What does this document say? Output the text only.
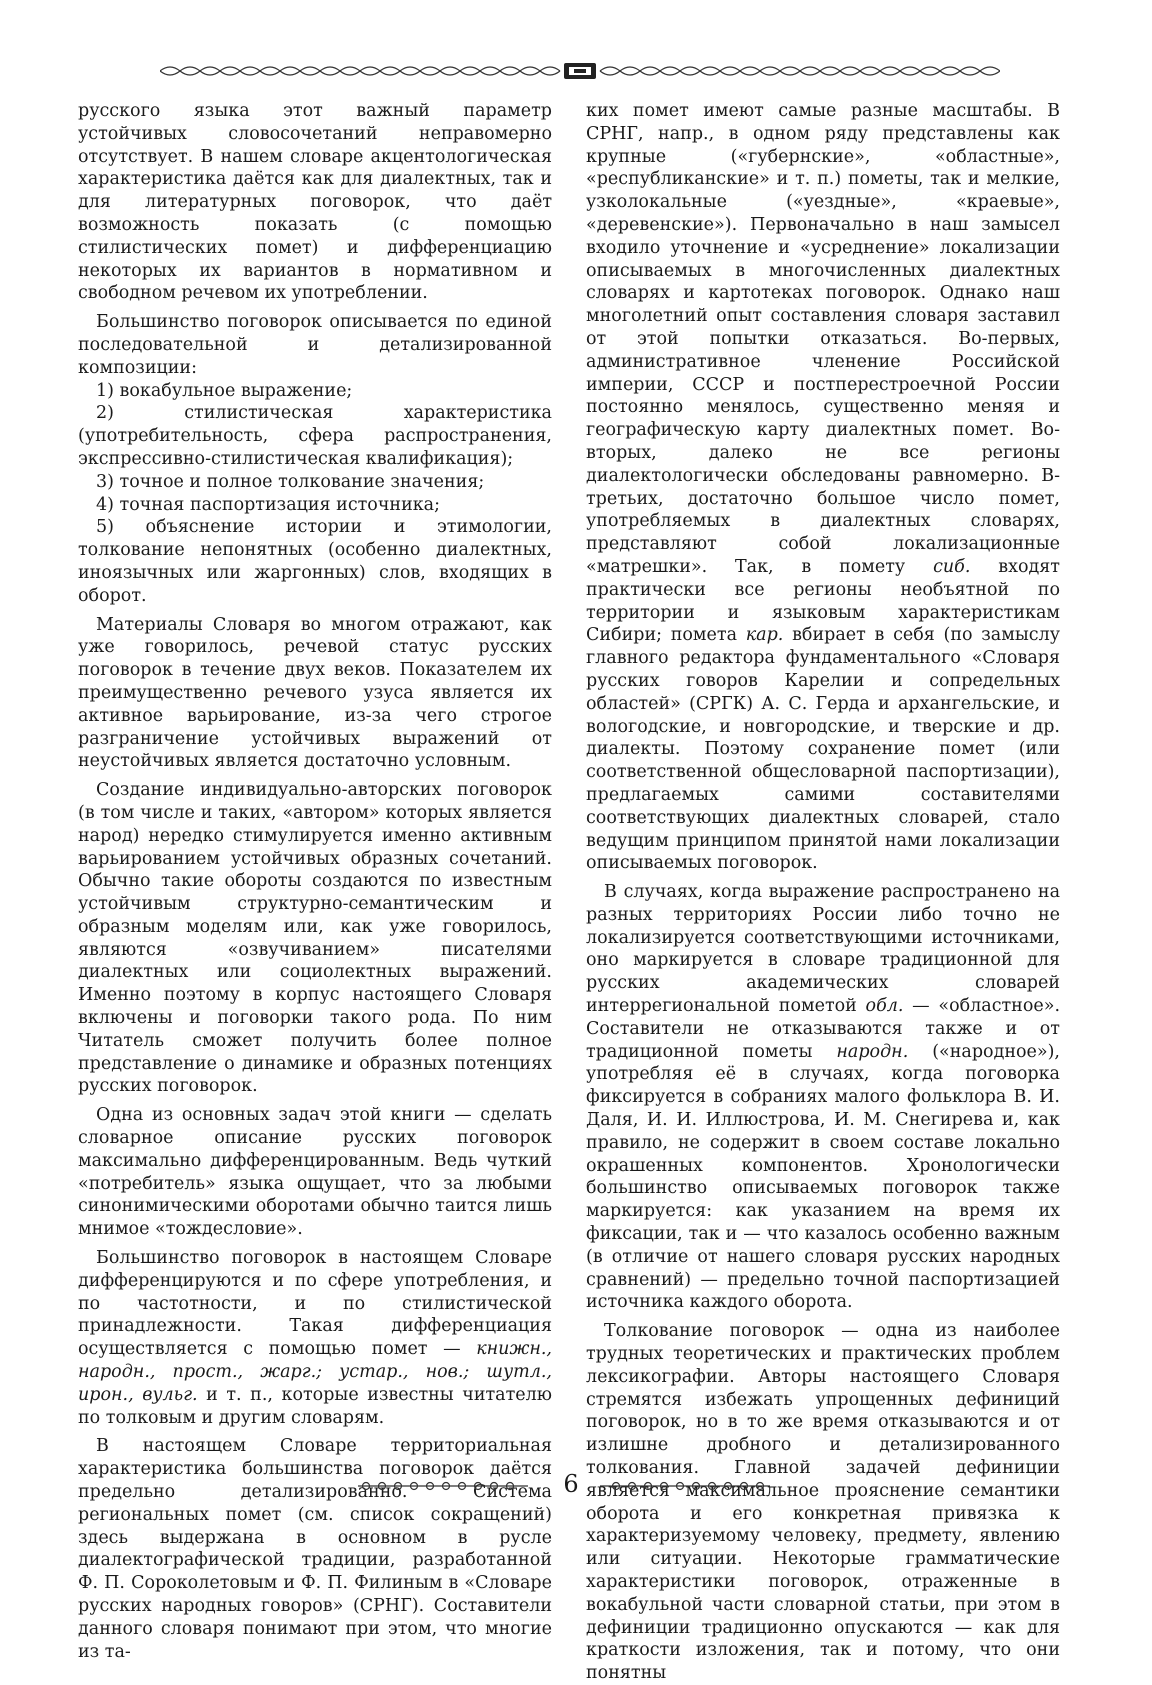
русского языка этот важный параметр устойчивых словосочетаний неправомерно отсутствует. В нашем словаре акцентологическая характеристика даётся как для диалектных, так и для литературных поговорок, что даёт возможность показать (с помощью стилистических помет) и дифференциацию некоторых их вариантов в нормативном и свободном речевом их употреблении.

Большинство поговорок описывается по единой последовательной и детализированной композиции:

1) вокабульное выражение;

2) стилистическая характеристика (употребительность, сфера распространения, экспрессивно-стилистическая квалификация);

3) точное и полное толкование значения;

4) точная паспортизация источника;

5) объяснение истории и этимологии, толкование непонятных (особенно диалектных, иноязычных или жаргонных) слов, входящих в оборот.

Материалы Словаря во многом отражают, как уже говорилось, речевой статус русских поговорок в течение двух веков. Показателем их преимущественно речевого узуса является их активное варьирование, из-за чего строгое разграничение устойчивых выражений от неустойчивых является достаточно условным.

Создание индивидуально-авторских поговорок (в том числе и таких, «автором» которых является народ) нередко стимулируется именно активным варьированием устойчивых образных сочетаний. Обычно такие обороты создаются по известным устойчивым структурно-семантическим и образным моделям или, как уже говорилось, являются «озвучиванием» писателями диалектных или социолектных выражений. Именно поэтому в корпус настоящего Словаря включены и поговорки такого рода. По ним Читатель сможет получить более полное представление о динамике и образных потенциях русских поговорок.

Одна из основных задач этой книги — сделать словарное описание русских поговорок максимально дифференцированным. Ведь чуткий «потребитель» языка ощущает, что за любыми синонимическими оборотами обычно таится лишь мнимое «тождесловие».

Большинство поговорок в настоящем Словаре дифференцируются и по сфере употребления, и по частотности, и по стилистической принадлежности. Такая дифференциация осуществляется с помощью помет — книжн., народн., прост., жарг.; устар., нов.; шутл., ирон., вульг. и т. п., которые известны читателю по толковым и другим словарям.

В настоящем Словаре территориальная характеристика большинства поговорок даётся предельно детализированно. Система региональных помет (см. список сокращений) здесь выдержана в основном в русле диалектографической традиции, разработанной Ф. П. Сороколетовым и Ф. П. Филиным в «Словаре русских народных говоров» (СРНГ). Составители данного словаря понимают при этом, что многие из та-

ких помет имеют самые разные масштабы. В СРНГ, напр., в одном ряду представлены как крупные («губернские», «областные», «республиканские» и т. п.) пометы, так и мелкие, узколокальные («уездные», «краевые», «деревенские»). Первоначально в наш замысел входило уточнение и «усреднение» локализации описываемых в многочисленных диалектных словарях и картотеках поговорок. Однако наш многолетний опыт составления словаря заставил от этой попытки отказаться. Во-первых, административное членение Российской империи, СССР и постперестроечной России постоянно менялось, существенно меняя и географическую карту диалектных помет. Во-вторых, далеко не все регионы диалектологически обследованы равномерно. В-третьих, достаточно большое число помет, употребляемых в диалектных словарях, представляют собой локализационные «матрешки». Так, в помету сиб. входят практически все регионы необъятной по территории и языковым характеристикам Сибири; помета кар. вбирает в себя (по замыслу главного редактора фундаментального «Словаря русских говоров Карелии и сопредельных областей» (СРГК) А. С. Герда и архангельские, и вологодские, и новгородские, и тверские и др. диалекты. Поэтому сохранение помет (или соответственной общесловарной паспортизации), предлагаемых самими составителями соответствующих диалектных словарей, стало ведущим принципом принятой нами локализации описываемых поговорок.

В случаях, когда выражение распространено на разных территориях России либо точно не локализируется соответствующими источниками, оно маркируется в словаре традиционной для русских академических словарей интеррегиональной пометой обл. — «областное». Составители не отказываются также и от традиционной пометы народн. («народное»), употребляя её в случаях, когда поговорка фиксируется в собраниях малого фольклора В. И. Даля, И. И. Иллюстрова, И. М. Снегирева и, как правило, не содержит в своем составе локально окрашенных компонентов. Хронологически большинство описываемых поговорок также маркируется: как указанием на время их фиксации, так и — что казалось особенно важным (в отличие от нашего словаря русских народных сравнений) — предельно точной паспортизацией источника каждого оборота.

Толкование поговорок — одна из наиболее трудных теоретических и практических проблем лексикографии. Авторы настоящего Словаря стремятся избежать упрощенных дефиниций поговорок, но в то же время отказываются и от излишне дробного и детализированного толкования. Главной задачей дефиниции является максимальное прояснение семантики оборота и его конкретная привязка к характеризуемому человеку, предмету, явлению или ситуации. Некоторые грамматические характеристики поговорок, отраженные в вокабульной части словарной статьи, при этом в дефиниции традиционно опускаются — как для краткости изложения, так и потому, что они понятны

6
